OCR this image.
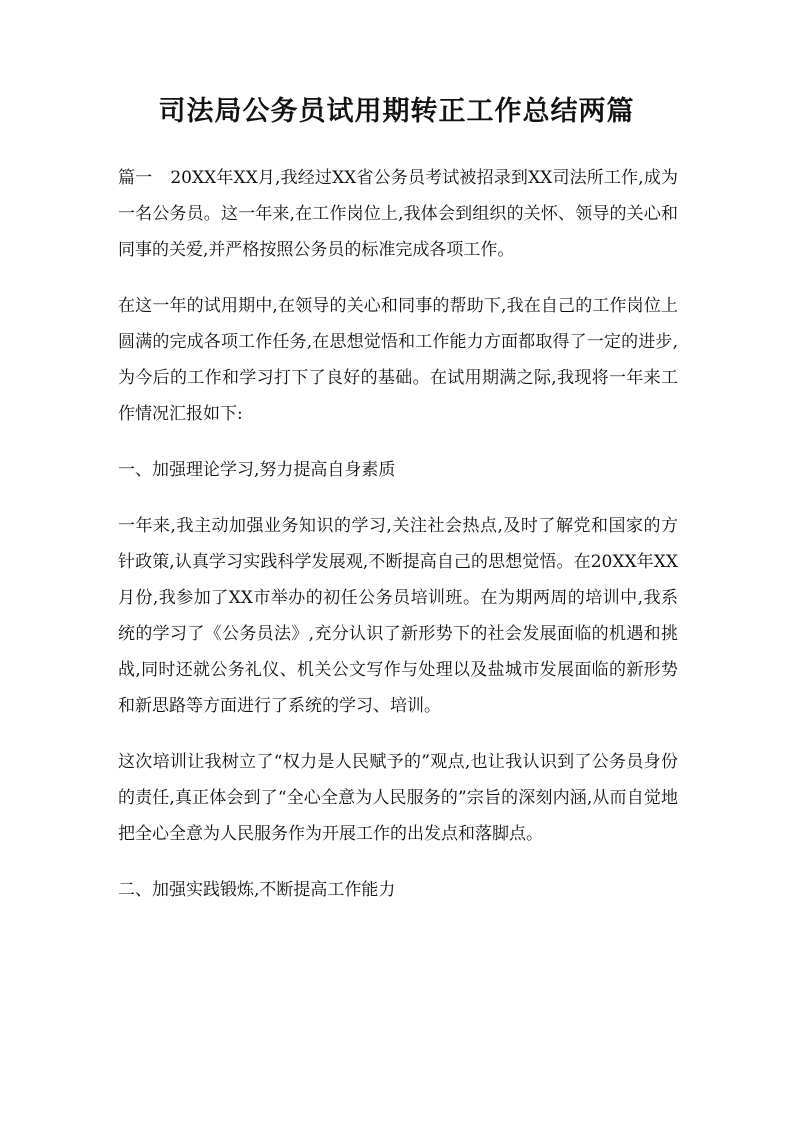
司法局公务员试用期转正工作总结两篇

篇一 20XX年XX月,我经过XX省公务员考试被招录到XX司法所工作,成为一名公务员。这一年来,在工作岗位上,我体会到组织的关怀、领导的关心和同事的关爱,并严格按照公务员的标准完成各项工作。

在这一年的试用期中,在领导的关心和同事的帮助下,我在自己的工作岗位上圆满的完成各项工作任务,在思想觉悟和工作能力方面都取得了一定的进步,为今后的工作和学习打下了良好的基础。在试用期满之际,我现将一年来工作情况汇报如下:

一、加强理论学习,努力提高自身素质

一年来,我主动加强业务知识的学习,关注社会热点,及时了解党和国家的方针政策,认真学习实践科学发展观,不断提高自己的思想觉悟。在20XX年XX月份,我参加了XX市举办的初任公务员培训班。在为期两周的培训中,我系统的学习了《公务员法》,充分认识了新形势下的社会发展面临的机遇和挑战,同时还就公务礼仪、机关公文写作与处理以及盐城市发展面临的新形势和新思路等方面进行了系统的学习、培训。

这次培训让我树立了“权力是人民赋予的”观点,也让我认识到了公务员身份的责任,真正体会到了“全心全意为人民服务的”宗旨的深刻内涵,从而自觉地把全心全意为人民服务作为开展工作的出发点和落脚点。

二、加强实践锻炼,不断提高工作能力
